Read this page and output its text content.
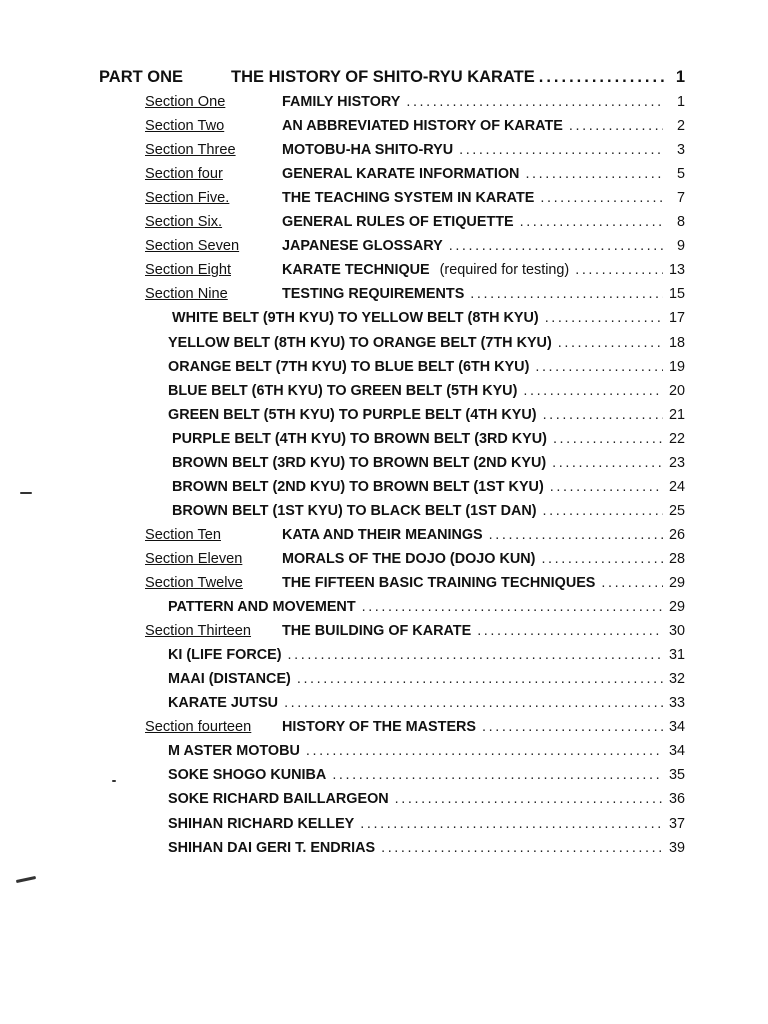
PART ONE	THE HISTORY OF SHITO-RYU KARATE .....	1
Section One	FAMILY HISTORY .....	1
Section Two	AN ABBREVIATED HISTORY OF KARATE .....	2
Section Three	MOTOBU-HA SHITO-RYU .....	3
Section four	GENERAL KARATE INFORMATION .....	5
Section Five.	THE TEACHING SYSTEM IN KARATE .....	7
Section Six.	GENERAL RULES OF ETIQUETTE .....	8
Section Seven	JAPANESE GLOSSARY .....	9
Section Eight	KARATE TECHNIQUE (required for testing) .....	13
Section Nine	TESTING REQUIREMENTS .....	15
WHITE BELT (9TH KYU) TO YELLOW BELT (8TH KYU) .....	17
YELLOW BELT (8TH KYU) TO ORANGE BELT (7TH KYU) .....	18
ORANGE BELT (7TH KYU) TO BLUE BELT (6TH KYU) .....	19
BLUE BELT (6TH KYU) TO GREEN BELT (5TH KYU) .....	20
GREEN BELT (5TH KYU) TO PURPLE BELT (4TH KYU) .....	21
PURPLE BELT (4TH KYU) TO BROWN BELT (3RD KYU) .....	22
BROWN BELT (3RD KYU) TO BROWN BELT (2ND KYU) .....	23
BROWN BELT (2ND KYU) TO BROWN BELT (1ST KYU) .....	24
BROWN BELT (1ST KYU) TO BLACK BELT (1ST DAN) .....	25
Section Ten	KATA AND THEIR MEANINGS .....	26
Section Eleven	MORALS OF THE DOJO (DOJO KUN) .....	28
Section Twelve	THE FIFTEEN BASIC TRAINING TECHNIQUES .....	29
PATTERN AND MOVEMENT .....	29
Section Thirteen	THE BUILDING OF KARATE .....	30
KI (LIFE FORCE) .....	31
MAAI (DISTANCE) .....	32
KARATE JUTSU .....	33
Section fourteen	HISTORY OF THE MASTERS .....	34
M ASTER MOTOBU .....	34
SOKE SHOGO KUNIBA .....	35
SOKE RICHARD BAILLARGEON .....	36
SHIHAN RICHARD KELLEY .....	37
SHIHAN DAI GERI T. ENDRIAS .....	39
